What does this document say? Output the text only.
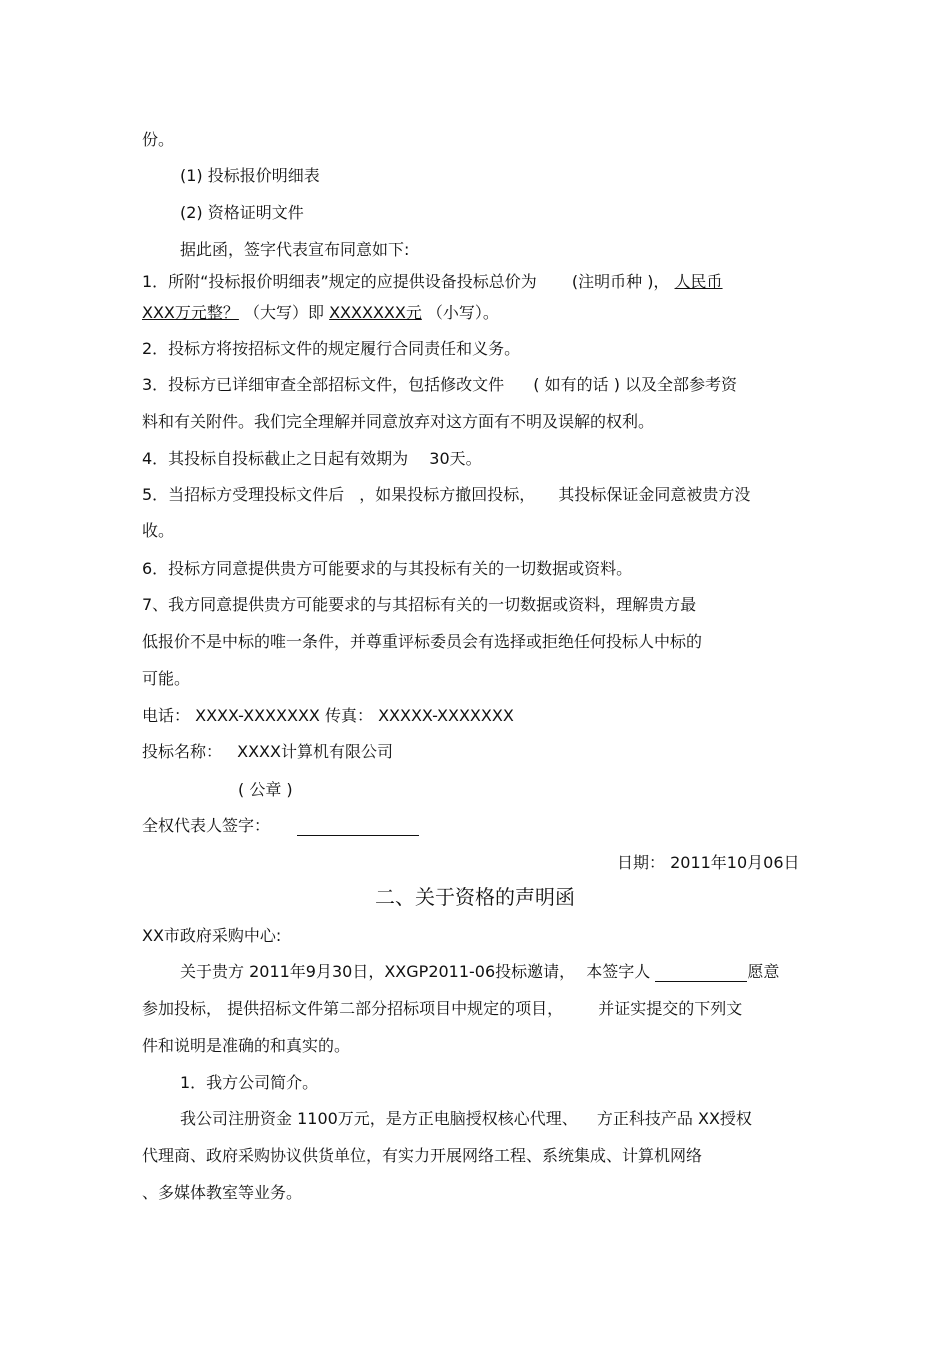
份。
(1) 投标报价明细表
(2) 资格证明文件
据此函，签字代表宣布同意如下:
1．所附“投标报价明细表”规定的应提供设备投标总价为 (注明币种 )， 人民币
XXX万元整？ （大写）即 XXXXXXX元 （小写）。
2．投标方将按招标文件的规定履行合同责任和义务。
3．投标方已详细审查全部招标文件，包括修改文件 ( 如有的话 ) 以及全部参考资
料和有关附件。我们完全理解并同意放弃对这方面有不明及误解的权利。
4．其投标自投标截止之日起有效期为 30天。
5．当招标方受理投标文件后 ，如果投标方撤回投标， 其投标保证金同意被贵方没
收。
6．投标方同意提供贵方可能要求的与其投标有关的一切数据或资料。
7、我方同意提供贵方可能要求的与其招标有关的一切数据或资料，理解贵方最
低报价不是中标的唯一条件，并尊重评标委员会有选择或拒绝任何投标人中标的
可能。
电话： XXXX-XXXXXXX 传真： XXXXX-XXXXXXX
投标名称： XXXX计算机有限公司
( 公章 )
全权代表人签字：
日期： 2011年10月06日
二、关于资格的声明函
XX市政府采购中心:
关于贵方 2011年9月30日，XXGP2011-06投标邀请， 本签字人	愿意
参加投标， 提供招标文件第二部分招标项目中规定的项目， 并证实提交的下列文
件和说明是准确的和真实的。
1．我方公司简介。
我公司注册资金 1100万元，是方正电脑授权核心代理、 方正科技产品 XX授权
代理商、政府采购协议供货单位，有实力开展网络工程、系统集成、计算机网络
、多媒体教室等业务。
